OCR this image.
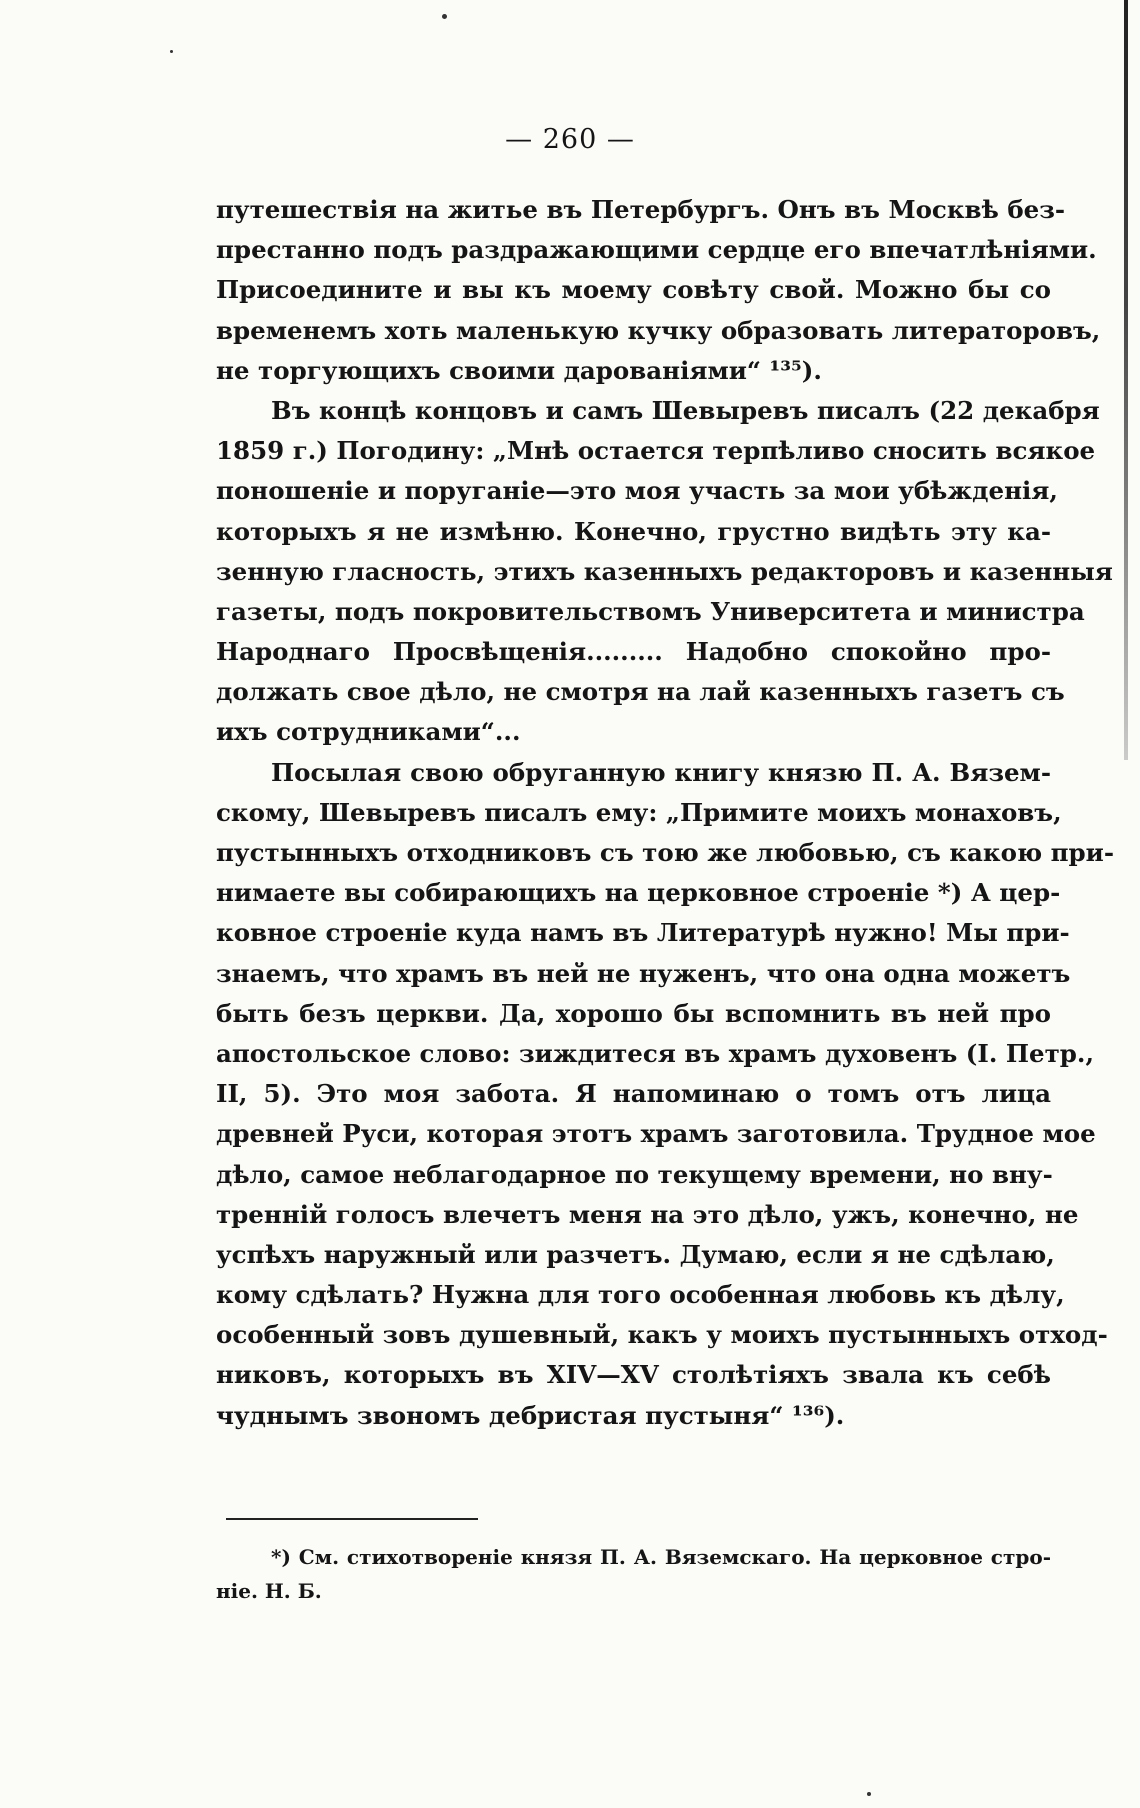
— 260 —
путешествія на житье въ Петербургъ. Онъ въ Москвѣ без-
престанно подъ раздражающими сердце его впечатлѣніями.
Присоедините и вы къ моему совѣту свой. Можно бы со
временемъ хоть маленькую кучку образовать литераторовъ,
не торгующихъ своими дарованіями“ ¹³⁵).
Въ концѣ концовъ и самъ Шевыревъ писалъ (22 декабря
1859 г.) Погодину: „Мнѣ остается терпѣливо сносить всякое
поношеніе и поруганіе—это моя участь за мои убѣжденія,
которыхъ я не измѣню. Конечно, грустно видѣть эту ка-
зенную гласность, этихъ казенныхъ редакторовъ и казенныя
газеты, подъ покровительствомъ Университета и министра
Народнаго Просвѣщенія......... Надобно спокойно про-
должать свое дѣло, не смотря на лай казенныхъ газетъ съ
ихъ сотрудниками“...
Посылая свою обруганную книгу князю П. А. Вязем-
скому, Шевыревъ писалъ ему: „Примите моихъ монаховъ,
пустынныхъ отходниковъ съ тою же любовью, съ какою при-
нимаете вы собирающихъ на церковное строеніе *) А цер-
ковное строеніе куда намъ въ Литературѣ нужно! Мы при-
знаемъ, что храмъ въ ней не нуженъ, что она одна можетъ
быть безъ церкви. Да, хорошо бы вспомнить въ ней про
апостольское слово: зиждитеся въ храмъ духовенъ (I. Петр.,
II, 5). Это моя забота. Я напоминаю о томъ отъ лица
древней Руси, которая этотъ храмъ заготовила. Трудное мое
дѣло, самое неблагодарное по текущему времени, но вну-
тренній голосъ влечетъ меня на это дѣло, ужъ, конечно, не
успѣхъ наружный или разчетъ. Думаю, если я не сдѣлаю,
кому сдѣлать? Нужна для того особенная любовь къ дѣлу,
особенный зовъ душевный, какъ у моихъ пустынныхъ отход-
никовъ, которыхъ въ XIV—XV столѣтіяхъ звала къ себѣ
чуднымъ звономъ дебристая пустыня“ ¹³⁶).
*) См. стихотвореніе князя П. А. Вяземскаго. На церковное стро-
ніе. Н. Б.
